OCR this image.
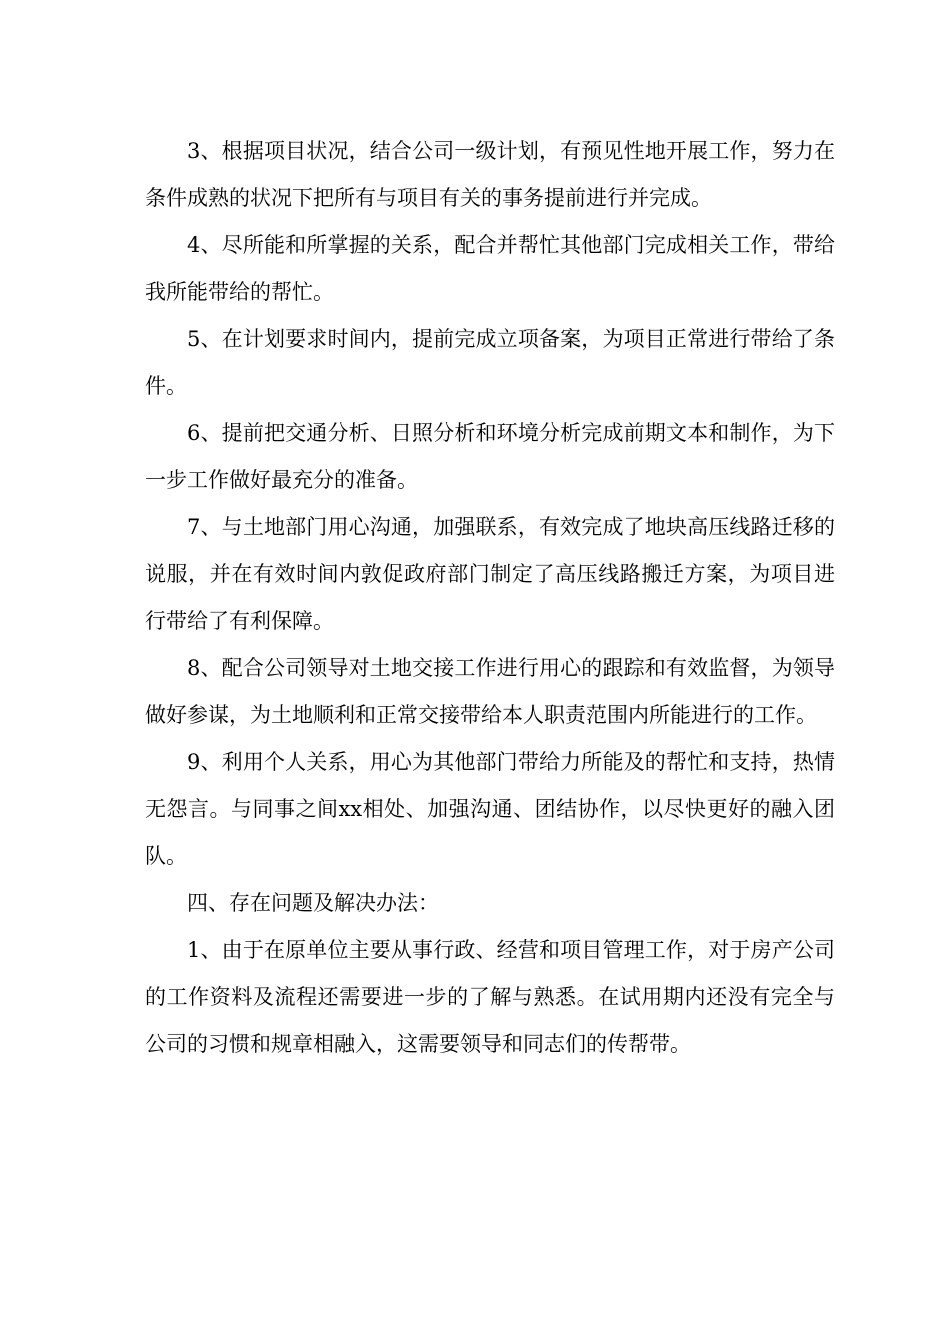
3、根据项目状况，结合公司一级计划，有预见性地开展工作，努力在条件成熟的状况下把所有与项目有关的事务提前进行并完成。

4、尽所能和所掌握的关系，配合并帮忙其他部门完成相关工作，带给我所能带给的帮忙。

5、在计划要求时间内，提前完成立项备案，为项目正常进行带给了条件。

6、提前把交通分析、日照分析和环境分析完成前期文本和制作，为下一步工作做好最充分的准备。

7、与土地部门用心沟通，加强联系，有效完成了地块高压线路迁移的说服，并在有效时间内敦促政府部门制定了高压线路搬迁方案，为项目进行带给了有利保障。

8、配合公司领导对土地交接工作进行用心的跟踪和有效监督，为领导做好参谋，为土地顺利和正常交接带给本人职责范围内所能进行的工作。

9、利用个人关系，用心为其他部门带给力所能及的帮忙和支持，热情无怨言。与同事之间xx相处、加强沟通、团结协作，以尽快更好的融入团队。

四、存在问题及解决办法：

1、由于在原单位主要从事行政、经营和项目管理工作，对于房产公司的工作资料及流程还需要进一步的了解与熟悉。在试用期内还没有完全与公司的习惯和规章相融入，这需要领导和同志们的传帮带。
